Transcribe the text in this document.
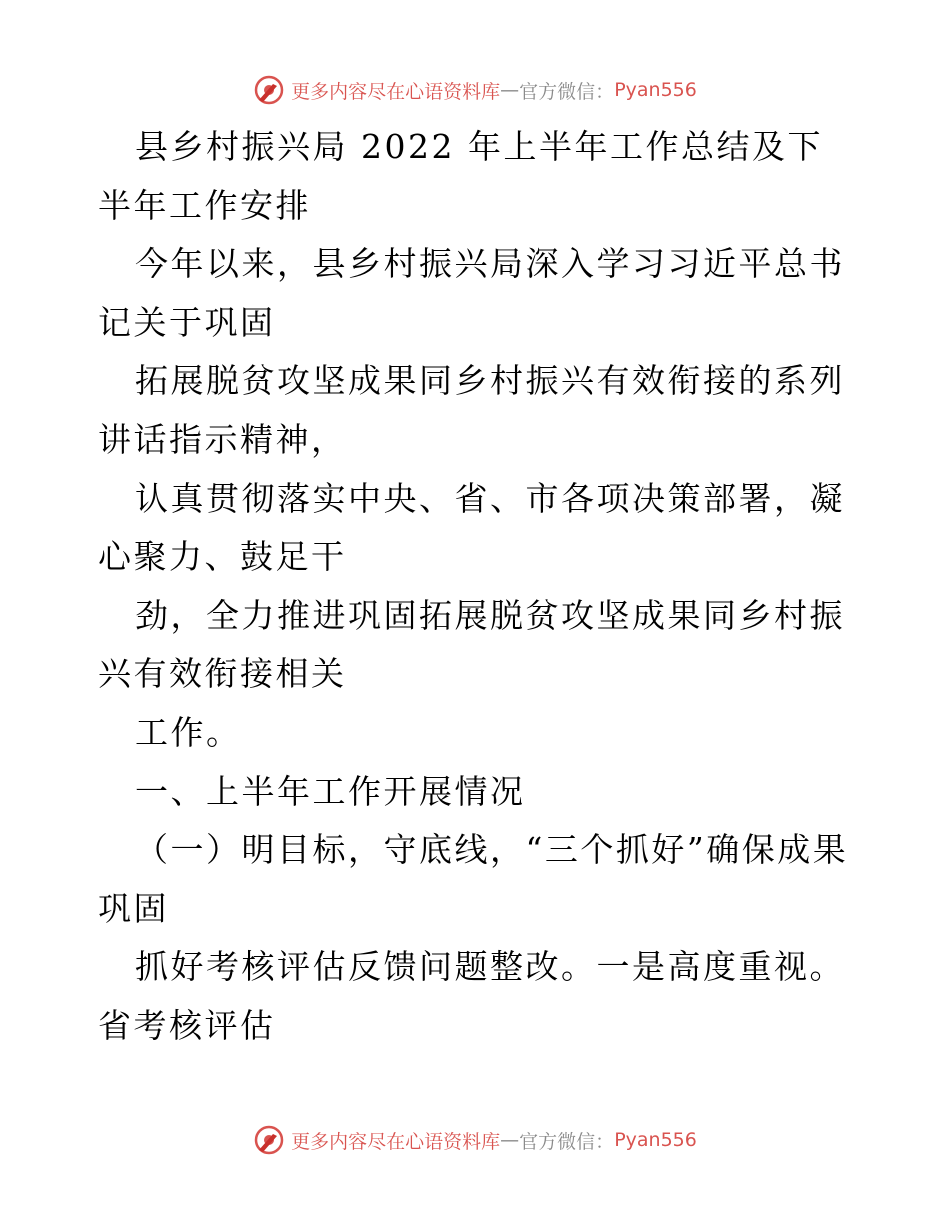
更多内容尽在心语资料库 — 官方微信： Pyan556

县乡村振兴局 2022 年上半年工作总结及下半年工作安排

今年以来，县乡村振兴局深入学习习近平总书记关于巩固

拓展脱贫攻坚成果同乡村振兴有效衔接的系列讲话指示精神，

认真贯彻落实中央、省、市各项决策部署，凝心聚力、鼓足干

劲，全力推进巩固拓展脱贫攻坚成果同乡村振兴有效衔接相关

工作。

一、上半年工作开展情况

（一）明目标，守底线，“三个抓好”确保成果巩固

抓好考核评估反馈问题整改。一是高度重视。省考核评估

更多内容尽在心语资料库 — 官方微信： Pyan556
